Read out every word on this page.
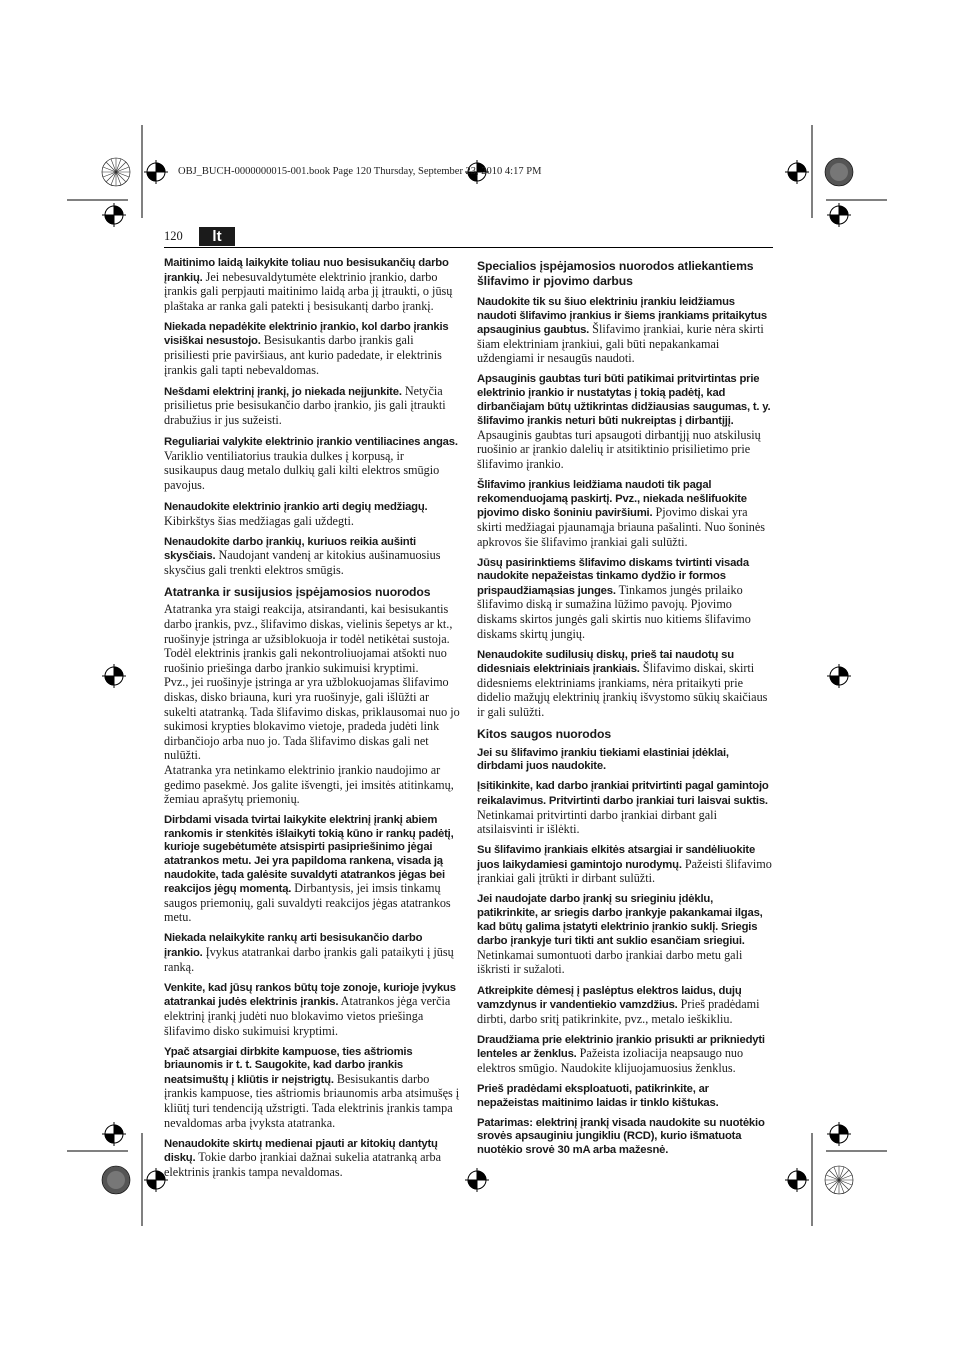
OBJ_BUCH-0000000015-001.book Page 120 Thursday, September 23, 2010 4:17 PM
120	lt

Maitinimo laidą laikykite toliau nuo besisukančių darbo įrankių. Jei nebesuvaldytumėte elektrinio įrankio, darbo įrankis gali perpjauti maitinimo laidą arba jį įtraukti, o jūsų plaštaka ar ranka gali patekti į besisukantį darbo įrankį.

Niekada nepadėkite elektrinio įrankio, kol darbo įrankis visiškai nesustojo. Besisukantis darbo įrankis gali prisiliesti prie paviršiaus, ant kurio padedate, ir elektrinis įrankis gali tapti nebevaldomas.

Nešdami elektrinį įrankį, jo niekada neįjunkite. Netyčia prisilietus prie besisukančio darbo įrankio, jis gali įtraukti drabužius ir jus sužeisti.

Reguliariai valykite elektrinio įrankio ventiliacines angas. Variklio ventiliatorius traukia dulkes į korpusą, ir susikaupus daug metalo dulkių gali kilti elektros smūgio pavojus.

Nenaudokite elektrinio įrankio arti degių medžiagų. Kibirkštys šias medžiagas gali uždegti.

Nenaudokite darbo įrankių, kuriuos reikia aušinti skysčiais. Naudojant vandenį ar kitokius aušinamuosius skysčius gali trenkti elektros smūgis.

Atatranka ir susijusios įspėjamosios nuorodos

Atatranka yra staigi reakcija, atsirandanti, kai besisukantis darbo įrankis, pvz., šlifavimo diskas, vielinis šepetys ar kt., ruošinyje įstringa ar užsiblokuoja ir todėl netikėtai sustoja. Todėl elektrinis įrankis gali nekontroliuojamai atšokti nuo ruošinio priešinga darbo įrankio sukimuisi kryptimi.

Pvz., jei ruošinyje įstringa ar yra užblokuojamas šlifavimo diskas, disko briauna, kuri yra ruošinyje, gali išlūžti ar sukelti atatranką. Tada šlifavimo diskas, priklausomai nuo jo sukimosi krypties blokavimo vietoje, pradeda judėti link dirbančiojo arba nuo jo. Tada šlifavimo diskas gali net nulūžti.

Atatranka yra netinkamo elektrinio įrankio naudojimo ar gedimo pasekmė. Jos galite išvengti, jei imsitės atitinkamų, žemiau aprašytų priemonių.

Dirbdami visada tvirtai laikykite elektrinį įrankį abiem rankomis ir stenkitės išlaikyti tokią kūno ir rankų padėtį, kurioje sugebėtumėte atsispirti pasipriešinimo jėgai atatrankos metu. Jei yra papildoma rankena, visada ją naudokite, tada galėsite suvaldyti atatrankos jėgas bei reakcijos jėgų momentą. Dirbantysis, jei imsis tinkamų saugos priemonių, gali suvaldyti reakcijos jėgas atatrankos metu.

Niekada nelaikykite rankų arti besisukančio darbo įrankio. Įvykus atatrankai darbo įrankis gali pataikyti į jūsų ranką.

Venkite, kad jūsų rankos būtų toje zonoje, kurioje įvykus atatrankai judės elektrinis įrankis. Atatrankos jėga verčia elektrinį įrankį judėti nuo blokavimo vietos priešinga šlifavimo disko sukimuisi kryptimi.

Ypač atsargiai dirbkite kampuose, ties aštriomis briaunomis ir t. t. Saugokite, kad darbo įrankis neatsimuštų į kliūtis ir neįstrigtų. Besisukantis darbo įrankis kampuose, ties aštriomis briaunomis arba atsimušęs į kliūtį turi tendenciją užstrigti. Tada elektrinis įrankis tampa nevaldomas arba įvyksta atatranka.

Nenaudokite skirtų medienai pjauti ar kitokių dantytų diskų. Tokie darbo įrankiai dažnai sukelia atatranką arba elektrinis įrankis tampa nevaldomas.

Specialios įspėjamosios nuorodos atliekantiems šlifavimo ir pjovimo darbus

Naudokite tik su šiuo elektriniu įrankiu leidžiamus naudoti šlifavimo įrankius ir šiems įrankiams pritaikytus apsauginius gaubtus. Šlifavimo įrankiai, kurie nėra skirti šiam elektriniam įrankiui, gali būti nepakankamai uždengiami ir nesaugūs naudoti.

Apsauginis gaubtas turi būti patikimai pritvirtintas prie elektrinio įrankio ir nustatytas į tokią padėtį, kad dirbančiajam būtų užtikrintas didžiausias saugumas, t. y. šlifavimo įrankis neturi būti nukreiptas į dirbantįjį. Apsauginis gaubtas turi apsaugoti dirbantįjį nuo atskilusių ruošinio ar įrankio dalelių ir atsitiktinio prisilietimo prie šlifavimo įrankio.

Šlifavimo įrankius leidžiama naudoti tik pagal rekomenduojamą paskirtį. Pvz., niekada nešlifuokite pjovimo disko šoniniu paviršiumi. Pjovimo diskai yra skirti medžiagai pjaunamąja briauna pašalinti. Nuo šoninės apkrovos šie šlifavimo įrankiai gali sulūžti.

Jūsų pasirinktiems šlifavimo diskams tvirtinti visada naudokite nepažeistas tinkamo dydžio ir formos prispaudžiamąsias junges. Tinkamos jungės prilaiko šlifavimo diską ir sumažina lūžimo pavojų. Pjovimo diskams skirtos jungės gali skirtis nuo kitiems šlifavimo diskams skirtų jungių.

Nenaudokite sudilusių diskų, prieš tai naudotų su didesniais elektriniais įrankiais. Šlifavimo diskai, skirti didesniems elektriniams įrankiams, nėra pritaikyti prie didelio mažųjų elektrinių įrankių išvystomo sūkių skaičiaus ir gali sulūžti.

Kitos saugos nuorodos

Jei su šlifavimo įrankiu tiekiami elastiniai įdėklai, dirbdami juos naudokite.

Įsitikinkite, kad darbo įrankiai pritvirtinti pagal gamintojo reikalavimus. Pritvirtinti darbo įrankiai turi laisvai suktis. Netinkamai pritvirtinti darbo įrankiai dirbant gali atsilaisvinti ir išlėkti.

Su šlifavimo įrankiais elkitės atsargiai ir sandėliuokite juos laikydamiesi gamintojo nurodymų. Pažeisti šlifavimo įrankiai gali įtrūkti ir dirbant sulūžti.

Jei naudojate darbo įrankį su srieginiu įdėklu, patikrinkite, ar sriegis darbo įrankyje pakankamai ilgas, kad būtų galima įstatyti elektrinio įrankio suklį. Sriegis darbo įrankyje turi tikti ant suklio esančiam sriegiui. Netinkamai sumontuoti darbo įrankiai darbo metu gali iškristi ir sužaloti.

Atkreipkite dėmesį į paslėptus elektros laidus, dujų vamzdynus ir vandentiekio vamzdžius. Prieš pradėdami dirbti, darbo sritį patikrinkite, pvz., metalo ieškikliu.

Draudžiama prie elektrinio įrankio prisukti ar prikniedyti lenteles ar ženklus. Pažeista izoliacija neapsaugo nuo elektros smūgio. Naudokite klijuojamuosius ženklus.

Prieš pradėdami eksploatuoti, patikrinkite, ar nepažeistas maitinimo laidas ir tinklo kištukas.

Patarimas: elektrinį įrankį visada naudokite su nuotėkio srovės apsauginiu jungikliu (RCD), kurio išmatuota nuotėkio srovė 30 mA arba mažesnė.
